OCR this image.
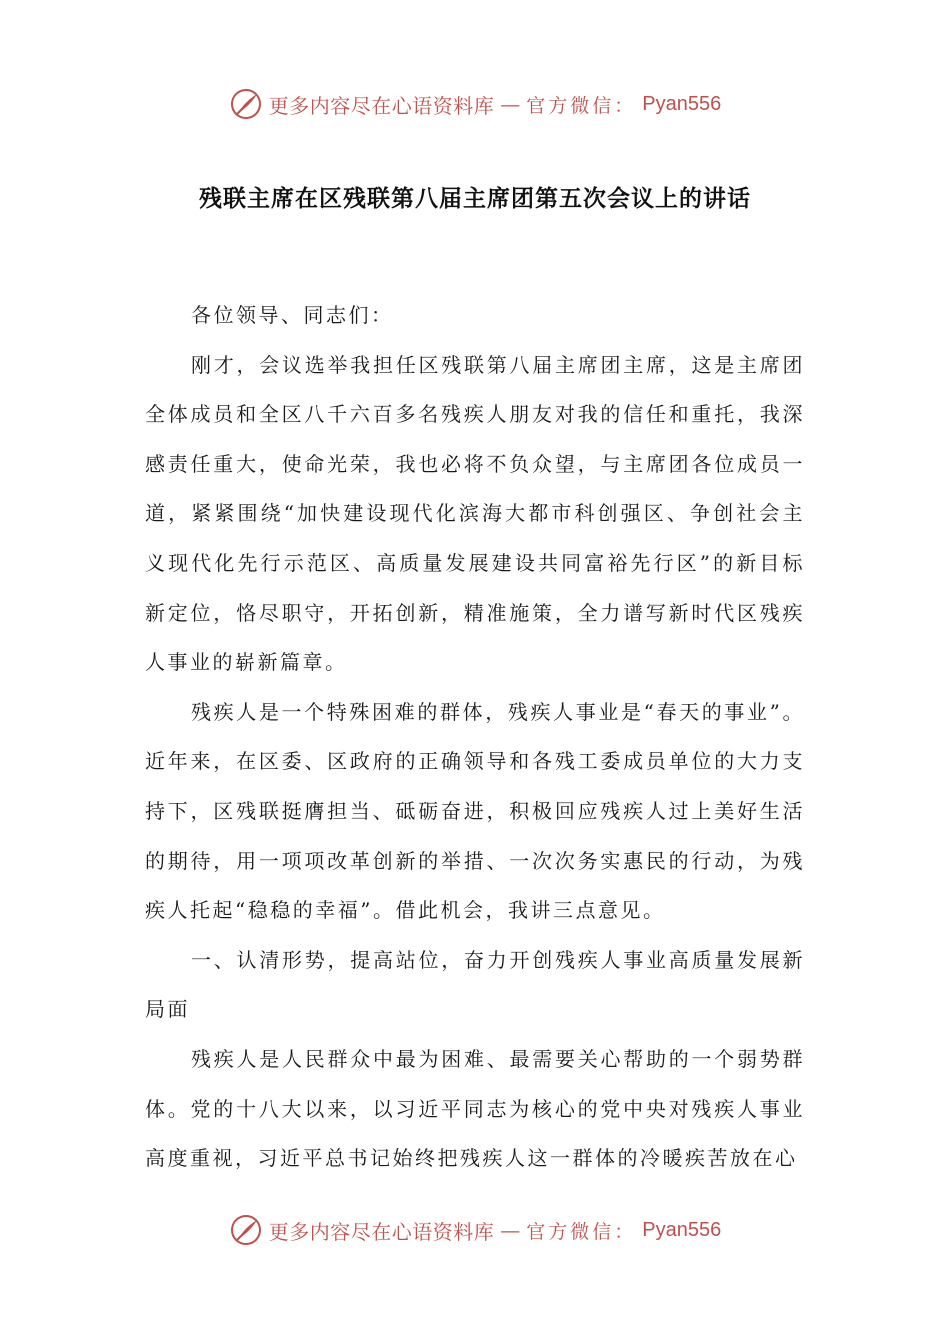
更多内容尽在心语资料库 — 官方微信： Pyan556
残联主席在区残联第八届主席团第五次会议上的讲话

各位领导、同志们：

刚才，会议选举我担任区残联第八届主席团主席，这是主席团全体成员和全区八千六百多名残疾人朋友对我的信任和重托，我深感责任重大，使命光荣，我也必将不负众望，与主席团各位成员一道，紧紧围绕“加快建设现代化滨海大都市科创强区、争创社会主义现代化先行示范区、高质量发展建设共同富裕先行区”的新目标新定位，恪尽职守，开拓创新，精准施策，全力谱写新时代区残疾人事业的崭新篇章。

残疾人是一个特殊困难的群体，残疾人事业是“春天的事业”。近年来，在区委、区政府的正确领导和各残工委成员单位的大力支持下，区残联挺膺担当、砥砺奋进，积极回应残疾人过上美好生活的期待，用一项项改革创新的举措、一次次务实惠民的行动，为残疾人托起“稳稳的幸福”。借此机会，我讲三点意见。

一、认清形势，提高站位，奋力开创残疾人事业高质量发展新局面

残疾人是人民群众中最为困难、最需要关心帮助的一个弱势群体。党的十八大以来，以习近平同志为核心的党中央对残疾人事业高度重视，习近平总书记始终把残疾人这一群体的冷暖疾苦放在心

更多内容尽在心语资料库 — 官方微信： Pyan556
